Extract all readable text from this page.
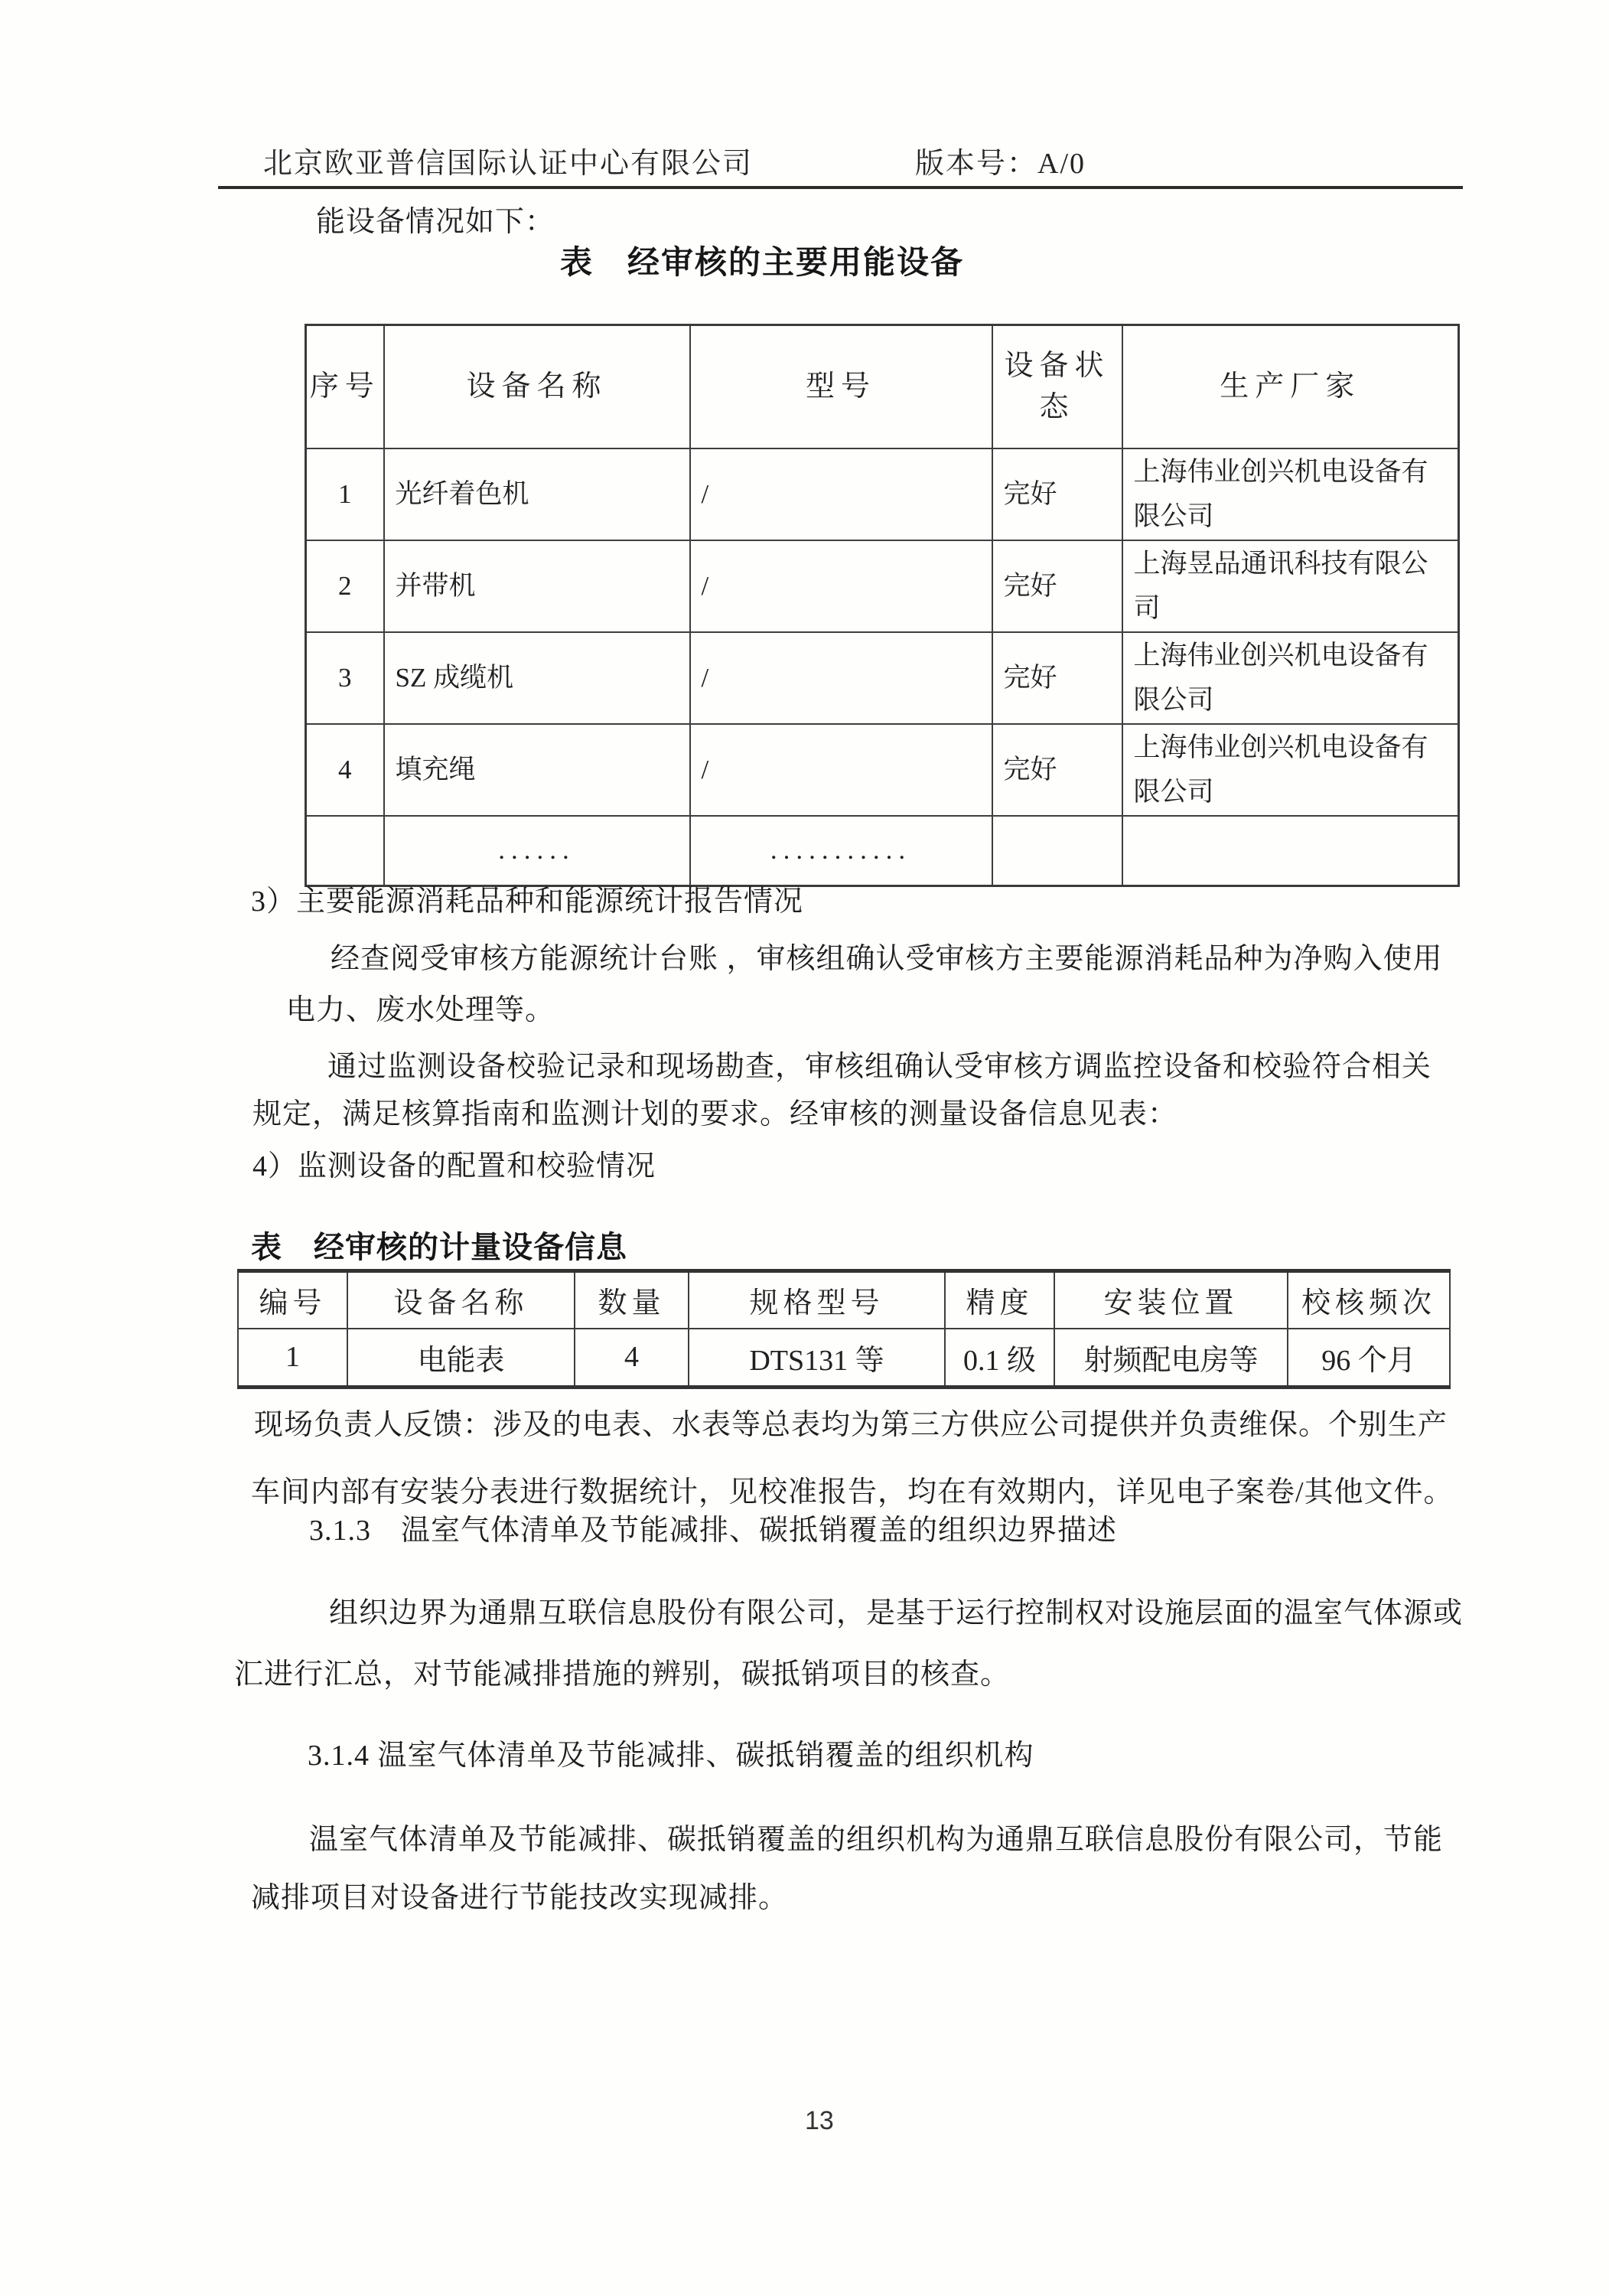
北京欧亚普信国际认证中心有限公司	版本号：A/0
能设备情况如下：
表　经审核的主要用能设备
序号	设备名称	型号	设备状态	生产厂家
1	光纤着色机	/	完好	上海伟业创兴机电设备有限公司
2	并带机	/	完好	上海昱品通讯科技有限公司
3	SZ 成缆机	/	完好	上海伟业创兴机电设备有限公司
4	填充绳	/	完好	上海伟业创兴机电设备有限公司
	......	...........		
3）主要能源消耗品种和能源统计报告情况
经查阅受审核方能源统计台账 ，审核组确认受审核方主要能源消耗品种为净购入使用
电力、废水处理等。
通过监测设备校验记录和现场勘查，审核组确认受审核方调监控设备和校验符合相关
规定，满足核算指南和监测计划的要求。经审核的测量设备信息见表：
4）监测设备的配置和校验情况
表　经审核的计量设备信息
编号	设备名称	数量	规格型号	精度	安装位置	校核频次
1	电能表	4	DTS131 等	0.1 级	射频配电房等	96 个月
现场负责人反馈：涉及的电表、水表等总表均为第三方供应公司提供并负责维保。个别生产
车间内部有安装分表进行数据统计，见校准报告，均在有效期内，详见电子案卷/其他文件。
3.1.3　温室气体清单及节能减排、碳抵销覆盖的组织边界描述
组织边界为通鼎互联信息股份有限公司，是基于运行控制权对设施层面的温室气体源或
汇进行汇总，对节能减排措施的辨别，碳抵销项目的核查。
3.1.4 温室气体清单及节能减排、碳抵销覆盖的组织机构
温室气体清单及节能减排、碳抵销覆盖的组织机构为通鼎互联信息股份有限公司，节能
减排项目对设备进行节能技改实现减排。
13
